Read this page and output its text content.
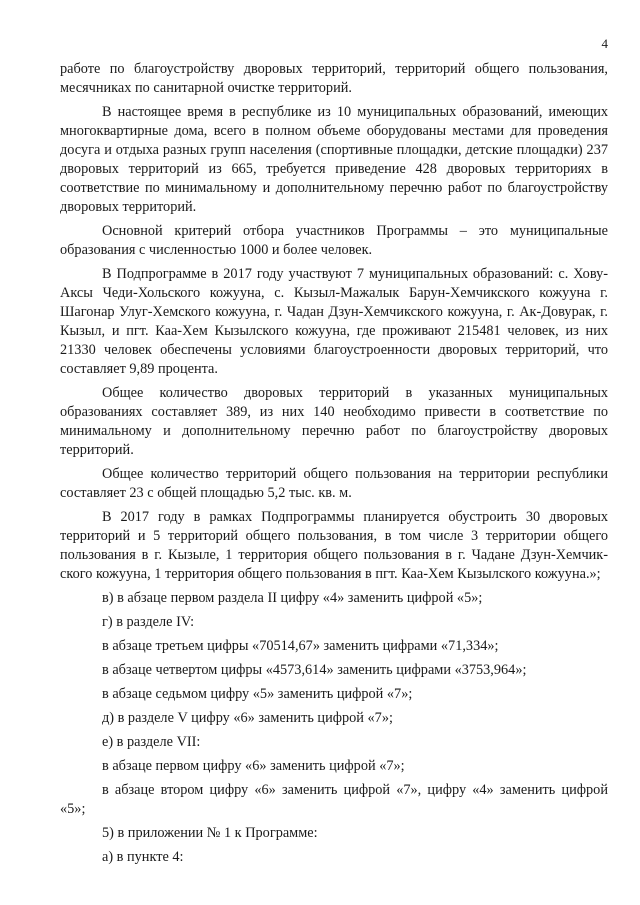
4

работе по благоустройству дворовых территорий, территорий общего пользования, месячниках по санитарной очистке территорий.

В настоящее время в республике из 10 муниципальных образований, имеющих многоквартирные дома, всего в полном объеме оборудованы местами для проведения досуга и отдыха разных групп населения (спортивные площадки, детские площадки) 237 дворовых территорий из 665, требуется приведение 428 дворовых территориях в соответствие по минимальному и дополнительному перечню работ по благоустройству дворовых территорий.

Основной критерий отбора участников Программы – это муниципальные образования с численностью 1000 и более человек.

В Подпрограмме в 2017 году участвуют 7 муниципальных образований: с. Хову-Аксы Чеди-Хольского кожууна, с. Кызыл-Мажалык Барун-Хемчикского кожууна г. Шагонар Улуг-Хемского кожууна, г. Чадан Дзун-Хемчикского кожууна, г. Ак-Довурак, г. Кызыл, и пгт. Каа-Хем Кызылского кожууна, где проживают 215481 человек, из них 21330 человек обеспечены условиями благоустроенности дворовых территорий, что составляет 9,89 процента.

Общее количество дворовых территорий в указанных муниципальных образованиях составляет 389, из них 140 необходимо привести в соответствие по минимальному и дополнительному перечню работ по благоустройству дворовых территорий.

Общее количество территорий общего пользования на территории республики составляет 23 с общей площадью 5,2 тыс. кв. м.

В 2017 году в рамках Подпрограммы планируется обустроить 30 дворовых территорий и 5 территорий общего пользования, в том числе 3 территории общего пользования в г. Кызыле, 1 территория общего пользования в г. Чадане Дзун-Хемчик-ского кожууна, 1 территория общего пользования в пгт. Каа-Хем Кызылского кожууна.»;

в) в абзаце первом раздела II цифру «4» заменить цифрой «5»;

г) в разделе IV:

в абзаце третьем цифры «70514,67» заменить цифрами «71,334»;

в абзаце четвертом цифры «4573,614» заменить цифрами «3753,964»;

в абзаце седьмом цифру «5» заменить цифрой «7»;

д) в разделе V цифру «6» заменить цифрой «7»;

е) в разделе VII:

в абзаце первом цифру «6» заменить цифрой «7»;

в абзаце втором цифру «6» заменить цифрой «7», цифру «4» заменить цифрой «5»;

5) в приложении № 1 к Программе:

а) в пункте 4:
